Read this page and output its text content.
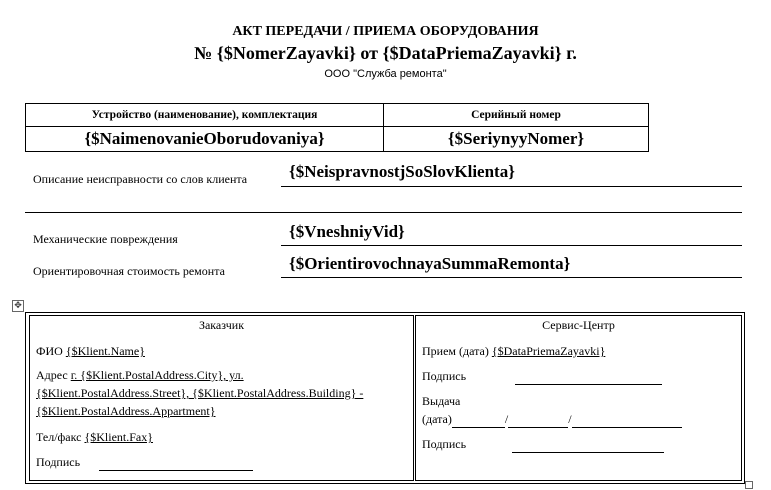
АКТ ПЕРЕДАЧИ / ПРИЕМА ОБОРУДОВАНИЯ
№ {$NomerZayavki} от {$DataPriemaZayavki} г.
ООО "Служба ремонта"
Устройство (наименование), комплектация	Серийный номер
{$NaimenovanieOborudovaniya}	{$SeriynyyNomer}
Описание неисправности со слов клиента {$NeispravnostjSoSlovKlienta}
Механические повреждения	{$VneshniyVid}
Ориентировочная стоимость ремонта	{$OrientirovochnayaSummaRemonta}
✥
Заказчик
ФИО {$Klient.Name}
Адрес г. {$Klient.PostalAddress.City}, ул.
{$Klient.PostalAddress.Street}, {$Klient.PostalAddress.Building} -
{$Klient.PostalAddress.Appartment}
Тел/факс {$Klient.Fax}
Подпись
Сервис-Центр
Прием (дата) {$DataPriemaZayavki}
Подпись
Выдача
(дата)	/	/
Подпись
